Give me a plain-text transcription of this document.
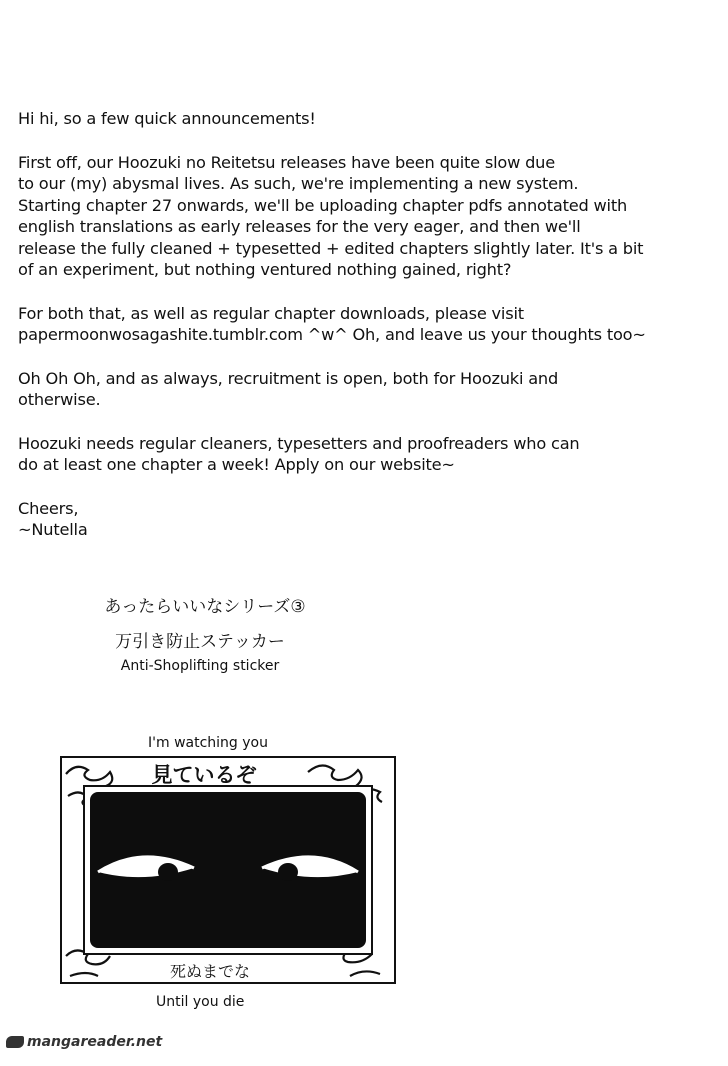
Hi hi, so a few quick announcements!

First off, our Hoozuki no Reitetsu releases have been quite slow due
to our (my) abysmal lives. As such, we're implementing a new system.
Starting chapter 27 onwards, we'll be uploading chapter pdfs annotated with
english translations as early releases for the very eager, and then we'll
release the fully cleaned + typesetted + edited chapters slightly later. It's a bit
of an experiment, but nothing ventured nothing gained, right?

For both that, as well as regular chapter downloads, please visit
papermoonwosagashite.tumblr.com ^w^ Oh, and leave us your thoughts too~

Oh Oh Oh, and as always, recruitment is open, both for Hoozuki and
otherwise.

Hoozuki needs regular cleaners, typesetters and proofreaders who can
do at least one chapter a week! Apply on our website~

Cheers,
~Nutella

あったらいいなシリーズ③
万引き防止ステッカー
Anti-Shoplifting sticker
I'm watching you
見ているぞ
死ぬまでな
Until you die
mangareader.net
